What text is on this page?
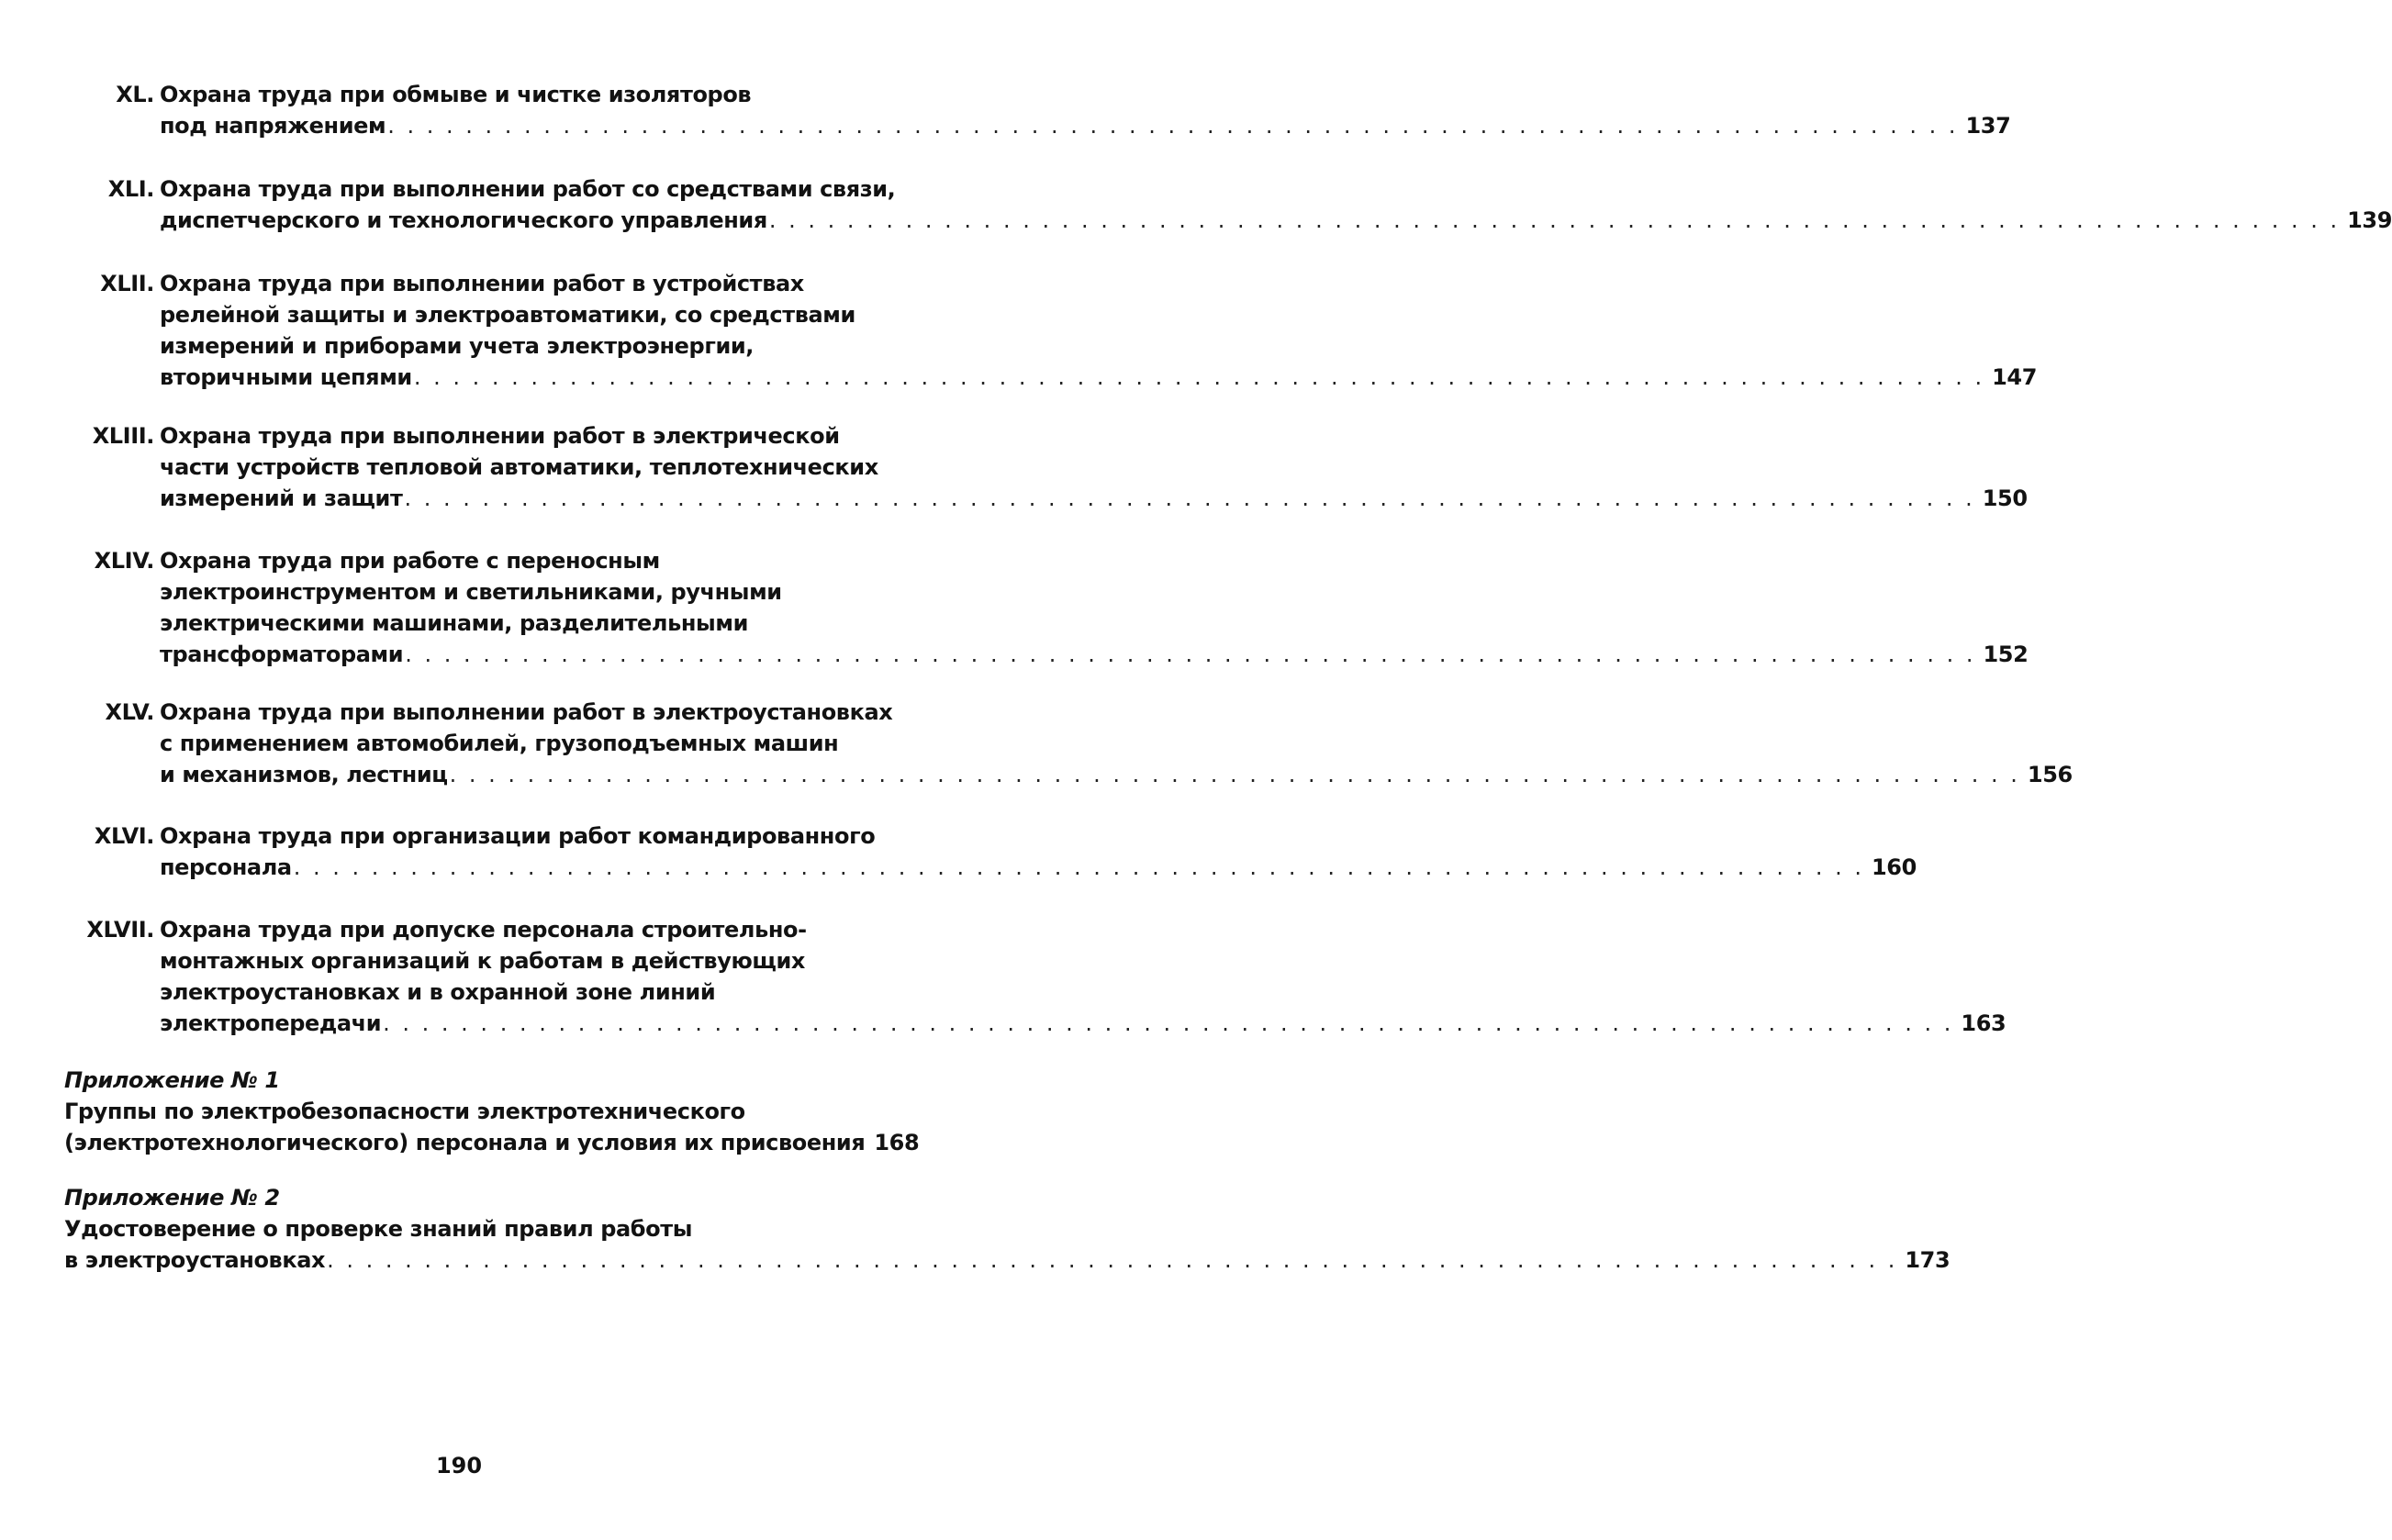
XL. Охрана труда при обмыве и чистке изоляторов
под напряжением . . . . . . . . . . . . . . . . . . . . . . . . . . . . . . . . . . . . . . . . . . . . . . . . . . . . . . . . . . . . . . . . . . . . . . . . . . . . . . . . . 137
XLI. Охрана труда при выполнении работ со средствами связи,
диспетчерского и технологического управления . . . . . . . . . . . . . . . . . . . . . . . . . . . . . . . . . . . . . . . . . . . . . . . . . . . . . . . . . . . . . . . . . . . . . . . . . . . . . . . . . 139
XLII. Охрана труда при выполнении работ в устройствах
релейной защиты и электроавтоматики, со средствами
измерений и приборами учета электроэнергии,
вторичными цепями . . . . . . . . . . . . . . . . . . . . . . . . . . . . . . . . . . . . . . . . . . . . . . . . . . . . . . . . . . . . . . . . . . . . . . . . . . . . . . . . . 147
XLIII. Охрана труда при выполнении работ в электрической
части устройств тепловой автоматики, теплотехнических
измерений и защит . . . . . . . . . . . . . . . . . . . . . . . . . . . . . . . . . . . . . . . . . . . . . . . . . . . . . . . . . . . . . . . . . . . . . . . . . . . . . . . . . 150
XLIV. Охрана труда при работе с переносным
электроинструментом и светильниками, ручными
электрическими машинами, разделительными
трансформаторами . . . . . . . . . . . . . . . . . . . . . . . . . . . . . . . . . . . . . . . . . . . . . . . . . . . . . . . . . . . . . . . . . . . . . . . . . . . . . . . . . 152
XLV. Охрана труда при выполнении работ в электроустановках
с применением автомобилей, грузоподъемных машин
и механизмов, лестниц . . . . . . . . . . . . . . . . . . . . . . . . . . . . . . . . . . . . . . . . . . . . . . . . . . . . . . . . . . . . . . . . . . . . . . . . . . . . . . . . . 156
XLVI. Охрана труда при организации работ командированного
персонала . . . . . . . . . . . . . . . . . . . . . . . . . . . . . . . . . . . . . . . . . . . . . . . . . . . . . . . . . . . . . . . . . . . . . . . . . . . . . . . . . 160
XLVII. Охрана труда при допуске персонала строительно-
монтажных организаций к работам в действующих
электроустановках и в охранной зоне линий
электропередачи . . . . . . . . . . . . . . . . . . . . . . . . . . . . . . . . . . . . . . . . . . . . . . . . . . . . . . . . . . . . . . . . . . . . . . . . . . . . . . . . . 163
Приложение № 1
Группы по электробезопасности электротехнического
(электротехнологического) персонала и условия их присвоения 168
Приложение № 2
Удостоверение о проверке знаний правил работы
в электроустановках . . . . . . . . . . . . . . . . . . . . . . . . . . . . . . . . . . . . . . . . . . . . . . . . . . . . . . . . . . . . . . . . . . . . . . . . . . . . . . . . . 173
190
